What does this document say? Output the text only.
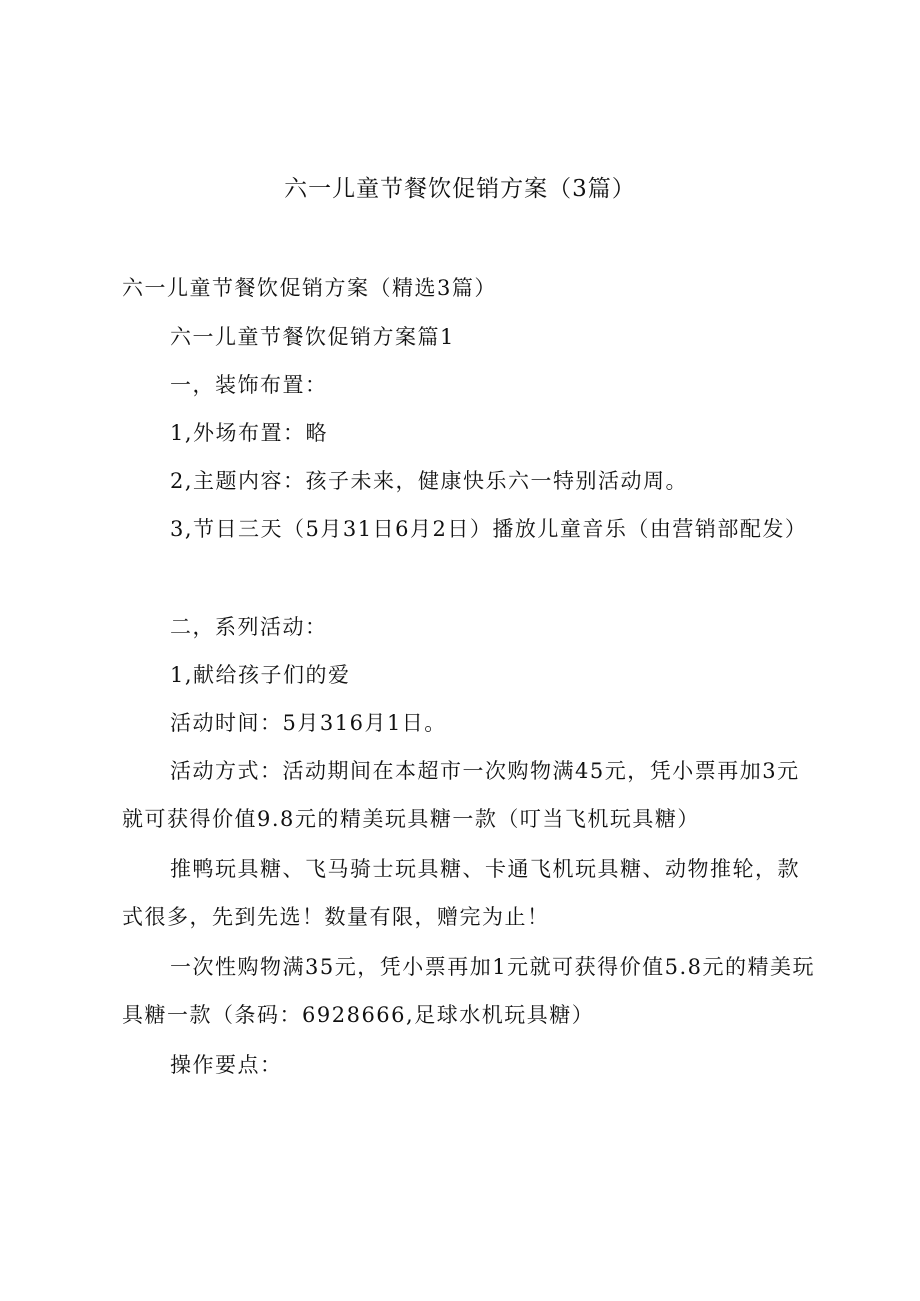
六一儿童节餐饮促销方案（3篇）

六一儿童节餐饮促销方案（精选3篇）

六一儿童节餐饮促销方案篇1

一，装饰布置：

1,外场布置：略

2,主题内容：孩子未来，健康快乐六一特别活动周。

3,节日三天（5月31日6月2日）播放儿童音乐（由营销部配发）

二，系列活动：

1,献给孩子们的爱

活动时间：5月316月1日。

活动方式：活动期间在本超市一次购物满45元，凭小票再加3元就可获得价值9.8元的精美玩具糖一款（叮当飞机玩具糖）

推鸭玩具糖、飞马骑士玩具糖、卡通飞机玩具糖、动物推轮，款式很多，先到先选！数量有限，赠完为止！

一次性购物满35元，凭小票再加1元就可获得价值5.8元的精美玩具糖一款（条码：6928666,足球水机玩具糖）

操作要点：
